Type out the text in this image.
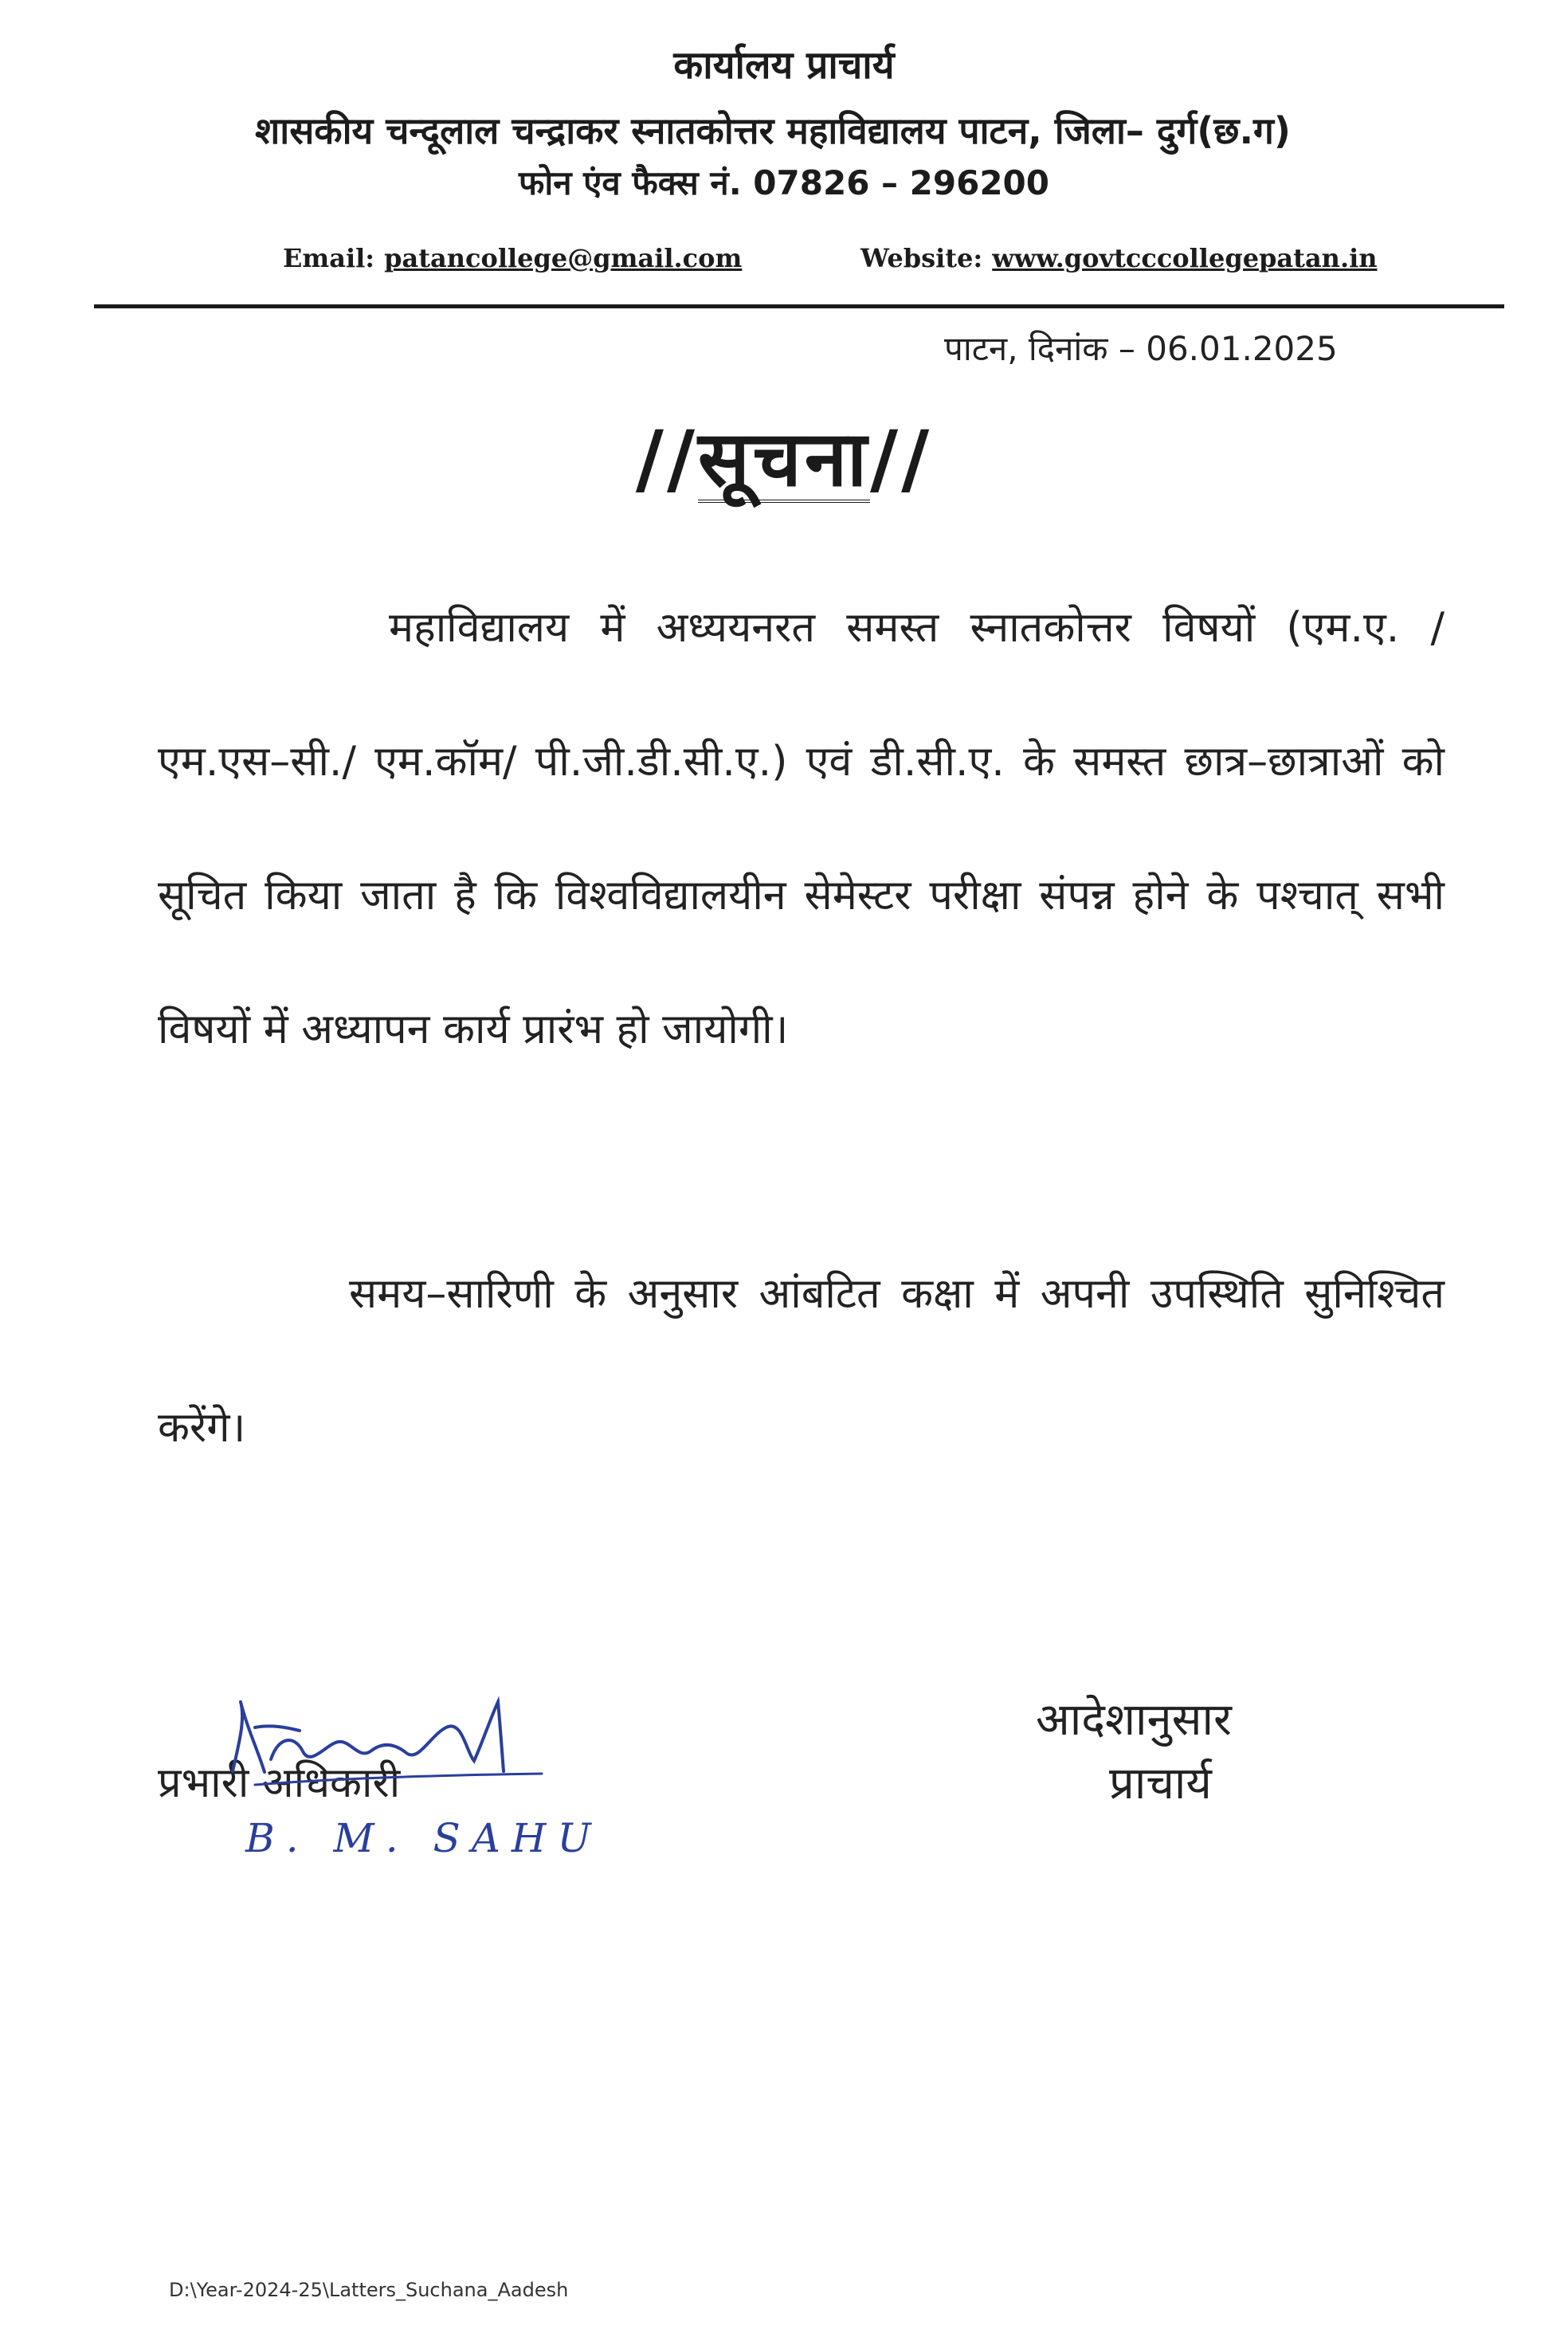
कार्यालय प्राचार्य
शासकीय चन्दूलाल चन्द्राकर स्नातकोत्तर महाविद्यालय पाटन, जिला– दुर्ग(छ.ग)
फोन एंव फैक्स नं. 07826 – 296200
Email: patancollege@gmail.com	Website: www.govtcccollegepatan.in
पाटन, दिनांक – 06.01.2025
//सूचना//
महाविद्यालय में अध्ययनरत समस्त स्नातकोत्तर विषयों (एम.ए. /एम.एस–सी./ एम.कॉम/ पी.जी.डी.सी.ए.) एवं डी.सी.ए. के समस्त छात्र–छात्राओं को सूचित किया जाता है कि विश्वविद्यालयीन सेमेस्टर परीक्षा संपन्न होने के पश्चात् सभी विषयों में अध्यापन कार्य प्रारंभ हो जायोगी।
समय–सारिणी के अनुसार आंबटित कक्षा में अपनी उपस्थिति सुनिश्चित करेंगे।
आदेशानुसार
प्राचार्य
प्रभारी अधिकारी
B. M. SAHU
D:\Year-2024-25\Latters_Suchana_Aadesh
